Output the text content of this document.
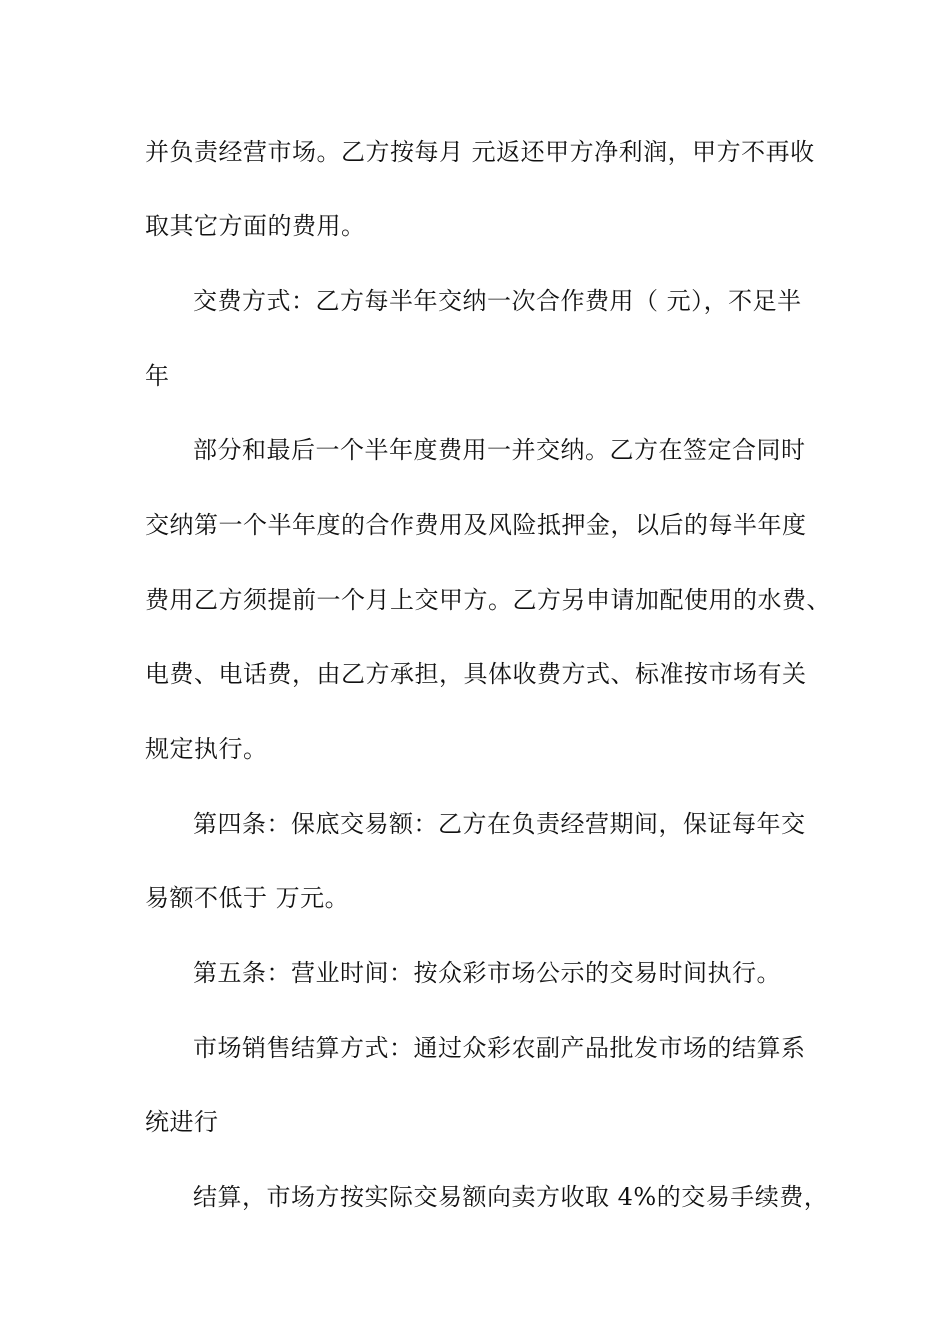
并负责经营市场。乙方按每月 元返还甲方净利润，甲方不再收
取其它方面的费用。
交费方式：乙方每半年交纳一次合作费用（ 元），不足半
年
部分和最后一个半年度费用一并交纳。乙方在签定合同时
交纳第一个半年度的合作费用及风险抵押金，以后的每半年度
费用乙方须提前一个月上交甲方。乙方另申请加配使用的水费、
电费、电话费，由乙方承担，具体收费方式、标准按市场有关
规定执行。
第四条：保底交易额：乙方在负责经营期间，保证每年交
易额不低于 万元。
第五条：营业时间：按众彩市场公示的交易时间执行。
市场销售结算方式：通过众彩农副产品批发市场的结算系
统进行
结算，市场方按实际交易额向卖方收取 4%的交易手续费，
